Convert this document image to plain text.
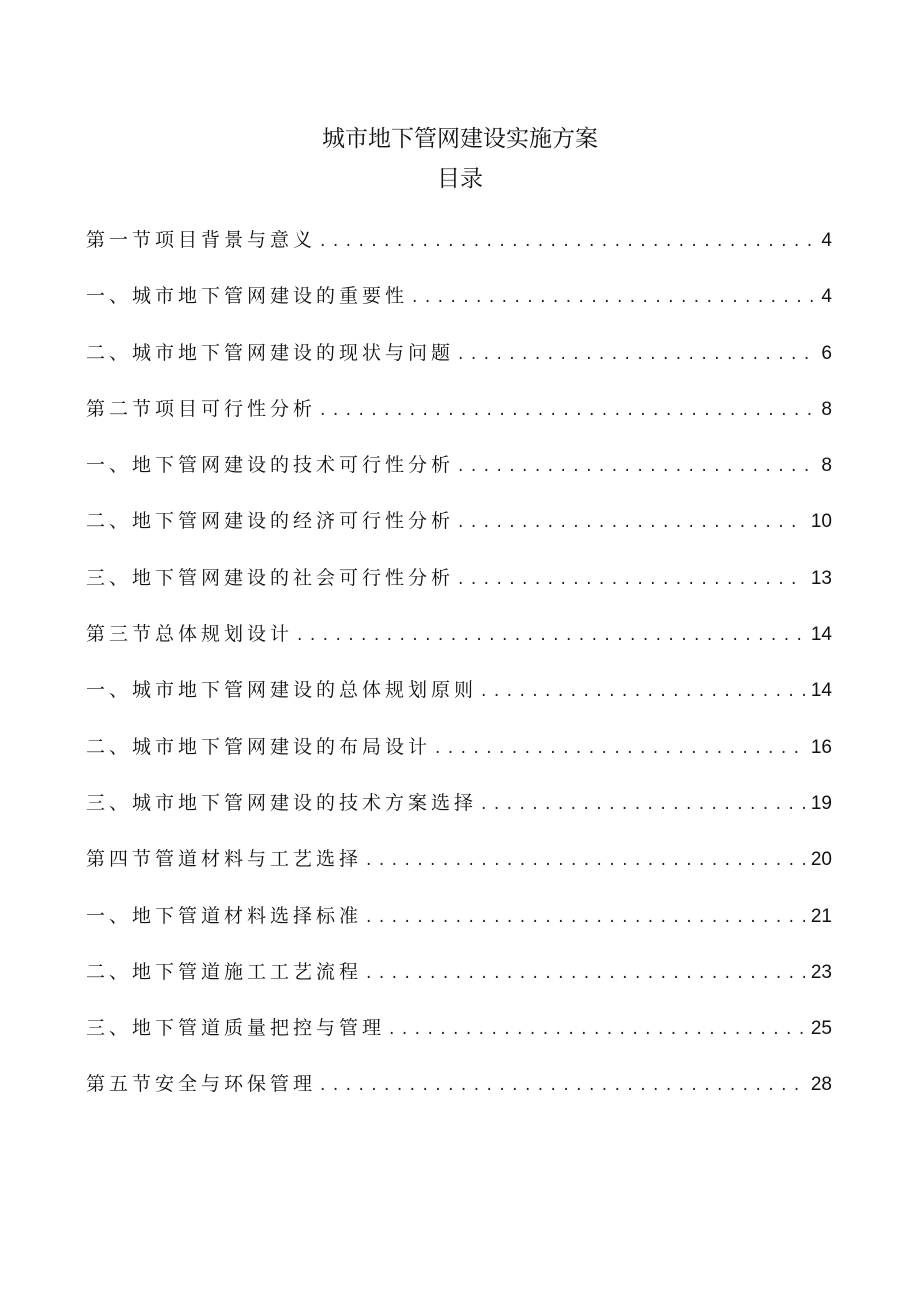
城市地下管网建设实施方案
目录
第一节项目背景与意义 . . .	4
一、城市地下管网建设的重要性 . . .	4
二、城市地下管网建设的现状与问题 . . .	6
第二节项目可行性分析 . . .	8
一、地下管网建设的技术可行性分析 . . .	8
二、地下管网建设的经济可行性分析 . . .	10
三、地下管网建设的社会可行性分析 . . .	13
第三节总体规划设计 . . .	14
一、城市地下管网建设的总体规划原则 . . .	14
二、城市地下管网建设的布局设计 . . .	16
三、城市地下管网建设的技术方案选择 . . .	19
第四节管道材料与工艺选择 . . .	20
一、地下管道材料选择标准 . . .	21
二、地下管道施工工艺流程 . . .	23
三、地下管道质量把控与管理 . . .	25
第五节安全与环保管理 . . .	28
